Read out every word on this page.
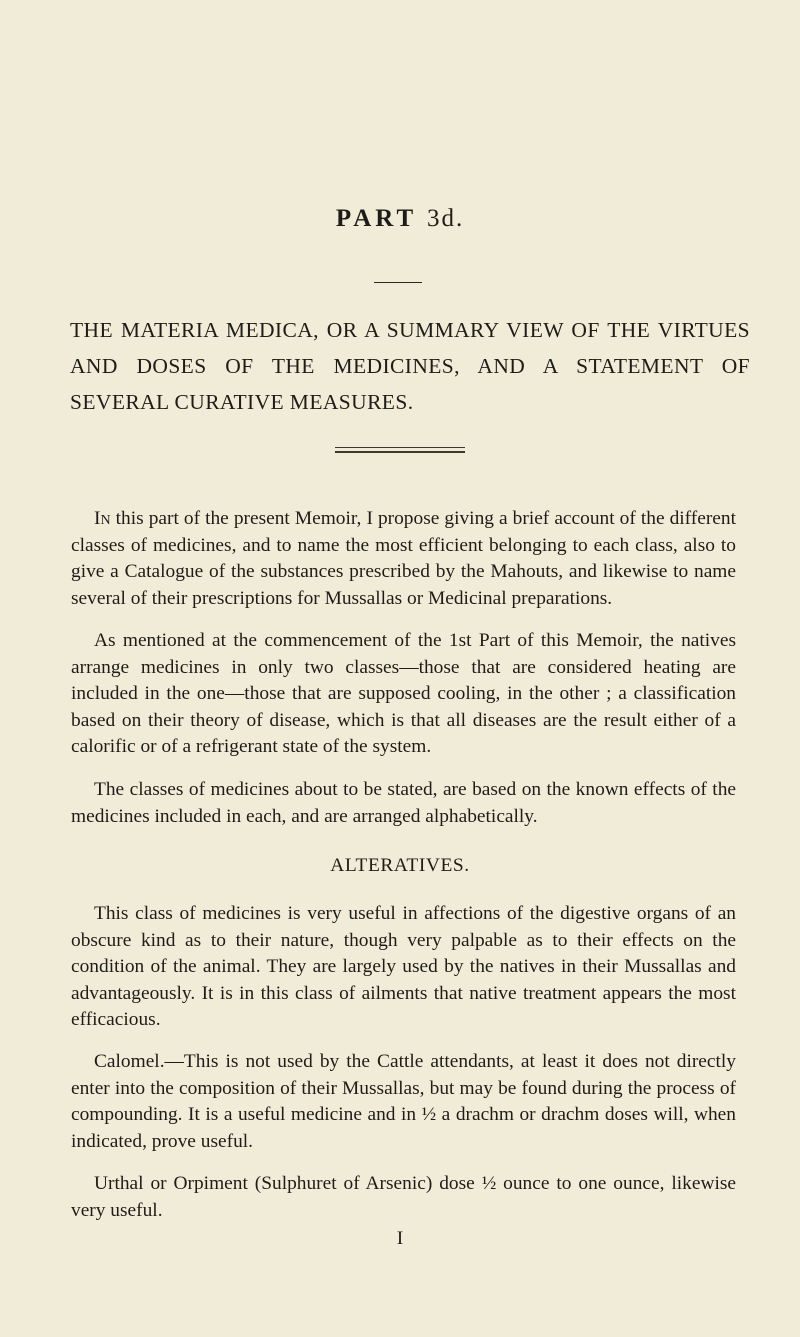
PART 3d.
THE MATERIA MEDICA, OR A SUMMARY VIEW OF THE VIRTUES AND DOSES OF THE MEDICINES, AND A STATEMENT OF SEVERAL CURATIVE MEASURES.

In this part of the present Memoir, I propose giving a brief account of the different classes of medicines, and to name the most efficient belonging to each class, also to give a Catalogue of the substances prescribed by the Mahouts, and likewise to name several of their prescriptions for Mussallas or Medicinal preparations.

As mentioned at the commencement of the 1st Part of this Memoir, the natives arrange medicines in only two classes—those that are considered heating are included in the one—those that are supposed cooling, in the other ; a classification based on their theory of disease, which is that all diseases are the result either of a calorific or of a refrigerant state of the system.

The classes of medicines about to be stated, are based on the known effects of the medicines included in each, and are arranged alphabetically.

ALTERATIVES.

This class of medicines is very useful in affections of the digestive organs of an obscure kind as to their nature, though very palpable as to their effects on the condition of the animal. They are largely used by the natives in their Mussallas and advantageously. It is in this class of ailments that native treatment appears the most efficacious.

Calomel.—This is not used by the Cattle attendants, at least it does not directly enter into the composition of their Mussallas, but may be found during the process of compounding. It is a useful medicine and in ½ a drachm or drachm doses will, when indicated, prove useful.

Urthal or Orpiment (Sulphuret of Arsenic) dose ½ ounce to one ounce, likewise very useful.

I
